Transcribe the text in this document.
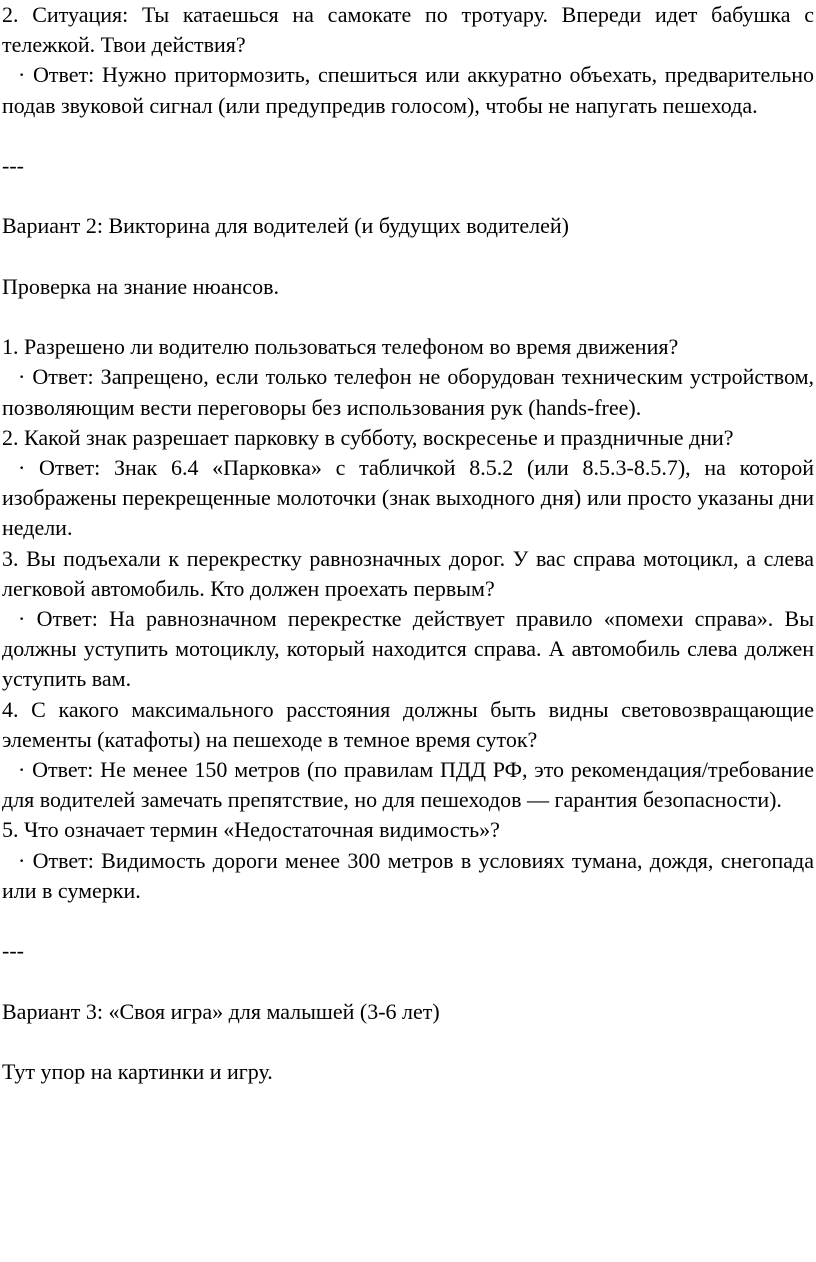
2. Ситуация: Ты катаешься на самокате по тротуару. Впереди идет бабушка с тележкой. Твои действия?

· Ответ: Нужно притормозить, спешиться или аккуратно объехать, предварительно подав звуковой сигнал (или предупредив голосом), чтобы не напугать пешехода.

---

Вариант 2: Викторина для водителей (и будущих водителей)

Проверка на знание нюансов.

1. Разрешено ли водителю пользоваться телефоном во время движения?

· Ответ: Запрещено, если только телефон не оборудован техническим устройством, позволяющим вести переговоры без использования рук (hands-free).

2. Какой знак разрешает парковку в субботу, воскресенье и праздничные дни?

· Ответ: Знак 6.4 «Парковка» с табличкой 8.5.2 (или 8.5.3-8.5.7), на которой изображены перекрещенные молоточки (знак выходного дня) или просто указаны дни недели.

3. Вы подъехали к перекрестку равнозначных дорог. У вас справа мотоцикл, а слева легковой автомобиль. Кто должен проехать первым?

· Ответ: На равнозначном перекрестке действует правило «помехи справа». Вы должны уступить мотоциклу, который находится справа. А автомобиль слева должен уступить вам.

4. С какого максимального расстояния должны быть видны световозвращающие элементы (катафоты) на пешеходе в темное время суток?

· Ответ: Не менее 150 метров (по правилам ПДД РФ, это рекомендация/требование для водителей замечать препятствие, но для пешеходов — гарантия безопасности).

5. Что означает термин «Недостаточная видимость»?

· Ответ: Видимость дороги менее 300 метров в условиях тумана, дождя, снегопада или в сумерки.

---

Вариант 3: «Своя игра» для малышей (3-6 лет)

Тут упор на картинки и игру.
